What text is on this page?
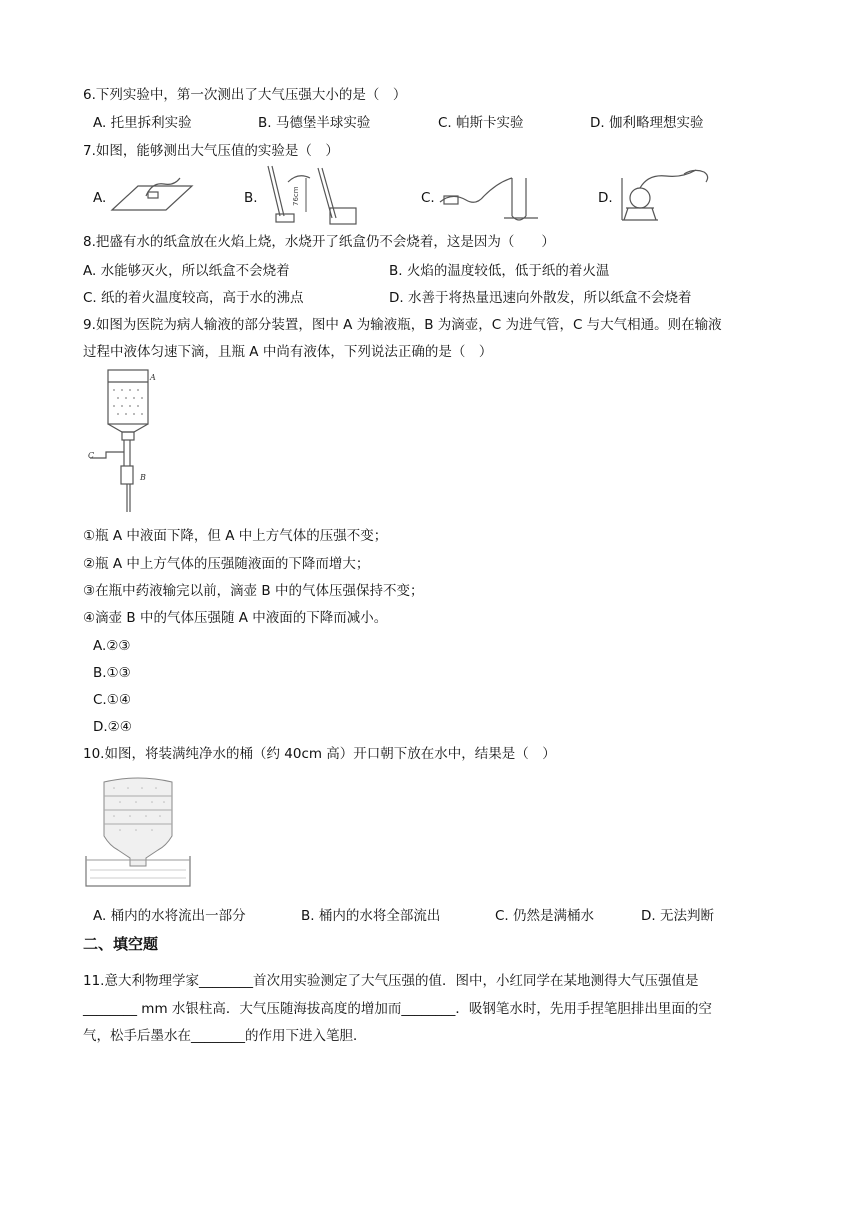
6.下列实验中，第一次测出了大气压强大小的是（　）
A. 托里拆利实验	B. 马德堡半球实验	C. 帕斯卡实验	D. 伽利略理想实验
7.如图，能够测出大气压值的实验是（　）
A.	B.	76cm	C.	D.
8.把盛有水的纸盒放在火焰上烧，水烧开了纸盒仍不会烧着，这是因为（　　）
A. 水能够灭火，所以纸盒不会烧着	B. 火焰的温度较低，低于纸的着火温
C. 纸的着火温度较高，高于水的沸点	D. 水善于将热量迅速向外散发，所以纸盒不会烧着
9.如图为医院为病人输液的部分装置，图中 A 为输液瓶，B 为滴壶，C 为进气管，C 与大气相通。则在输液
过程中液体匀速下滴，且瓶 A 中尚有液体，下列说法正确的是（　）
A
B
C
①瓶 A 中液面下降，但 A 中上方气体的压强不变；
②瓶 A 中上方气体的压强随液面的下降而增大；
③在瓶中药液输完以前，滴壶 B 中的气体压强保持不变；
④滴壶 B 中的气体压强随 A 中液面的下降而减小。
A.②③
B.①③
C.①④
D.②④
10.如图，将装满纯净水的桶（约 40cm 高）开口朝下放在水中，结果是（　）
A. 桶内的水将流出一部分	B. 桶内的水将全部流出	C. 仍然是满桶水	D. 无法判断
二、填空题
11.意大利物理学家________首次用实验测定了大气压强的值．图中，小红同学在某地测得大气压强值是
________ mm 水银柱高．大气压随海拔高度的增加而________．吸钢笔水时，先用手捏笔胆排出里面的空
气，松手后墨水在________的作用下进入笔胆．
